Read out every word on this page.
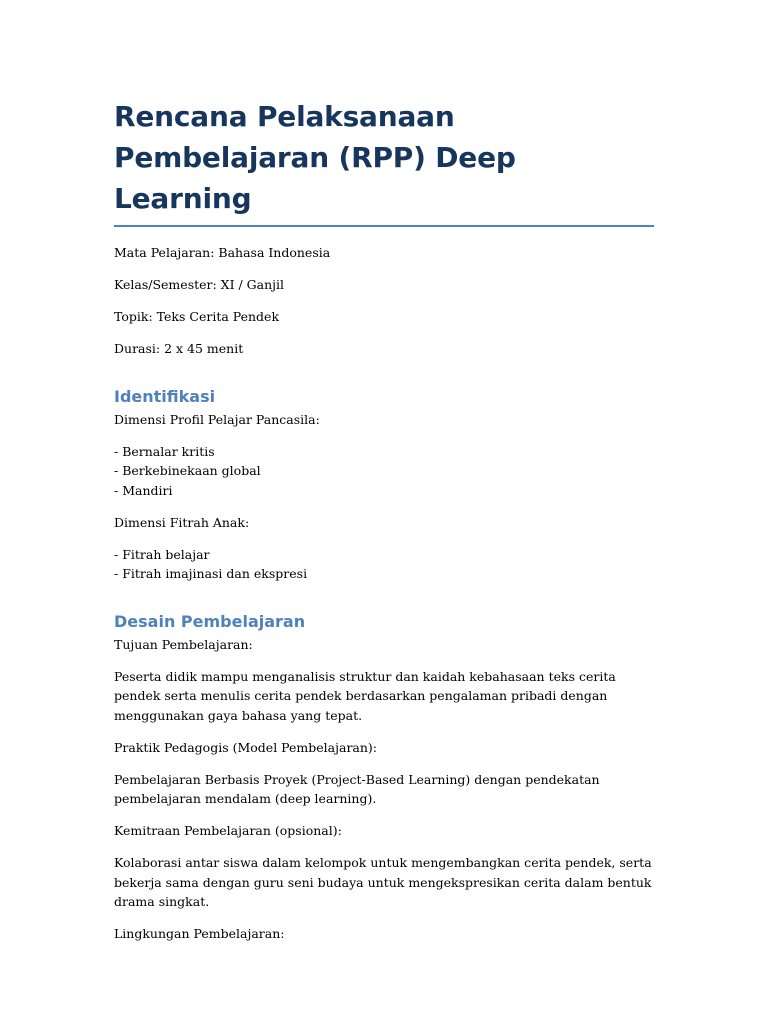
Rencana Pelaksanaan Pembelajaran (RPP) Deep Learning

Mata Pelajaran: Bahasa Indonesia

Kelas/Semester: XI / Ganjil

Topik: Teks Cerita Pendek

Durasi: 2 x 45 menit

Identifikasi

Dimensi Profil Pelajar Pancasila:

- Bernalar kritis
- Berkebinekaan global
- Mandiri

Dimensi Fitrah Anak:

- Fitrah belajar
- Fitrah imajinasi dan ekspresi
Desain Pembelajaran

Tujuan Pembelajaran:

Peserta didik mampu menganalisis struktur dan kaidah kebahasaan teks cerita pendek serta menulis cerita pendek berdasarkan pengalaman pribadi dengan menggunakan gaya bahasa yang tepat.

Praktik Pedagogis (Model Pembelajaran):

Pembelajaran Berbasis Proyek (Project-Based Learning) dengan pendekatan pembelajaran mendalam (deep learning).

Kemitraan Pembelajaran (opsional):

Kolaborasi antar siswa dalam kelompok untuk mengembangkan cerita pendek, serta bekerja sama dengan guru seni budaya untuk mengekspresikan cerita dalam bentuk drama singkat.

Lingkungan Pembelajaran:
